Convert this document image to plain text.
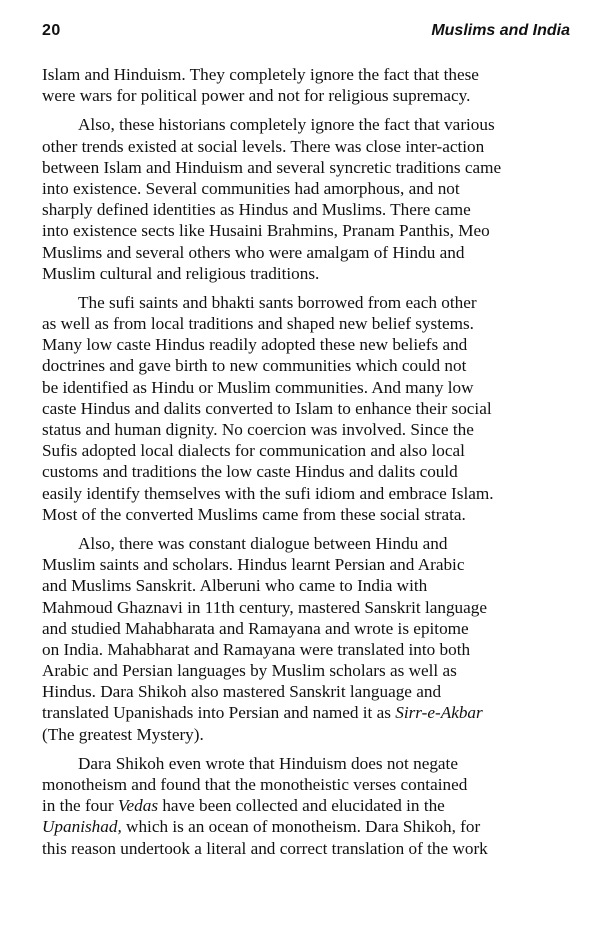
20	Muslims and India
Islam and Hinduism. They completely ignore the fact that these
were wars for political power and not for religious supremacy.
Also, these historians completely ignore the fact that various
other trends existed at social levels. There was close inter-action
between Islam and Hinduism and several syncretic traditions came
into existence. Several communities had amorphous, and not
sharply defined identities as Hindus and Muslims. There came
into existence sects like Husaini Brahmins, Pranam Panthis, Meo
Muslims and several others who were amalgam of Hindu and
Muslim cultural and religious traditions.
The sufi saints and bhakti sants borrowed from each other
as well as from local traditions and shaped new belief systems.
Many low caste Hindus readily adopted these new beliefs and
doctrines and gave birth to new communities which could not
be identified as Hindu or Muslim communities. And many low
caste Hindus and dalits converted to Islam to enhance their social
status and human dignity. No coercion was involved. Since the
Sufis adopted local dialects for communication and also local
customs and traditions the low caste Hindus and dalits could
easily identify themselves with the sufi idiom and embrace Islam.
Most of the converted Muslims came from these social strata.
Also, there was constant dialogue between Hindu and
Muslim saints and scholars. Hindus learnt Persian and Arabic
and Muslims Sanskrit. Alberuni who came to India with
Mahmoud Ghaznavi in 11th century, mastered Sanskrit language
and studied Mahabharata and Ramayana and wrote is epitome
on India. Mahabharat and Ramayana were translated into both
Arabic and Persian languages by Muslim scholars as well as
Hindus. Dara Shikoh also mastered Sanskrit language and
translated Upanishads into Persian and named it as Sirr-e-Akbar
(The greatest Mystery).
Dara Shikoh even wrote that Hinduism does not negate
monotheism and found that the monotheistic verses contained
in the four Vedas have been collected and elucidated in the
Upanishad, which is an ocean of monotheism. Dara Shikoh, for
this reason undertook a literal and correct translation of the work
